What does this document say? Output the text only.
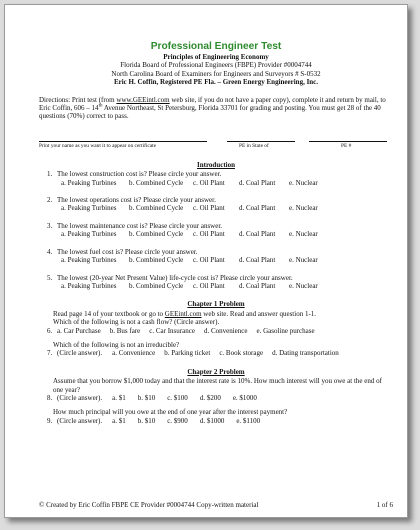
Professional Engineer Test

Principles of Engineering Economy

Florida Board of Professional Engineers (FBPE) Provider #0004744

North Carolina Board of Examiners for Engineers and Surveyors # S-0532

Eric H. Coffin, Registered PE Fla. – Green Energy Engineering, Inc.

Directions: Print test (from www.GEEintl.com web site, if you do not have a paper copy), complete it and return by mail, to Eric Coffin, 606 – 14th Avenue Northeast, St Petersburg, Florida 33701 for grading and posting. You must get 28 of the 40 questions (70%) correct to pass.

Print your name as you want it to appear on certificate	PE in State of	PE #

Introduction

1. The lowest construction cost is? Please circle your answer.

a. Peaking Turbines b. Combined Cycle c. Oil Plant d. Coal Plant e. Nuclear

2. The lowest operations cost is? Please circle your answer.

a. Peaking Turbines b. Combined Cycle c. Oil Plant d. Coal Plant e. Nuclear

3. The lowest maintenance cost is? Please circle your answer.

a. Peaking Turbines b. Combined Cycle c. Oil Plant d. Coal Plant e. Nuclear

4. The lowest fuel cost is? Please circle your answer.

a. Peaking Turbines b. Combined Cycle c. Oil Plant d. Coal Plant e. Nuclear

5. The lowest (20-year Net Present Value) life-cycle cost is? Please circle your answer.

a. Peaking Turbines b. Combined Cycle c. Oil Plant d. Coal Plant e. Nuclear

Chapter 1 Problem

Read page 14 of your textbook or go to GEEintl.com web site. Read and answer question 1-1.

Which of the following is not a cash flow? (Circle answer).

6. a. Car Purchase b. Bus fare c. Car Insurance d. Convenience e. Gasoline purchase

Which of the following is not an irreducible?

7. (Circle answer). a. Convenience b. Parking ticket c. Book storage d. Dating transportation

Chapter 2 Problem

Assume that you borrow $1,000 today and that the interest rate is 10%. How much interest will you owe at the end of one year?

8. (Circle answer). a. $1 b. $10 c. $100 d. $200 e. $1000

How much principal will you owe at the end of one year after the interest payment?

9. (Circle answer). a. $1 b. $10 c. $900 d. $1000 e. $1100
© Created by Eric Coffin FBPE CE Provider #0004744 Copy-written material	1 of 6
